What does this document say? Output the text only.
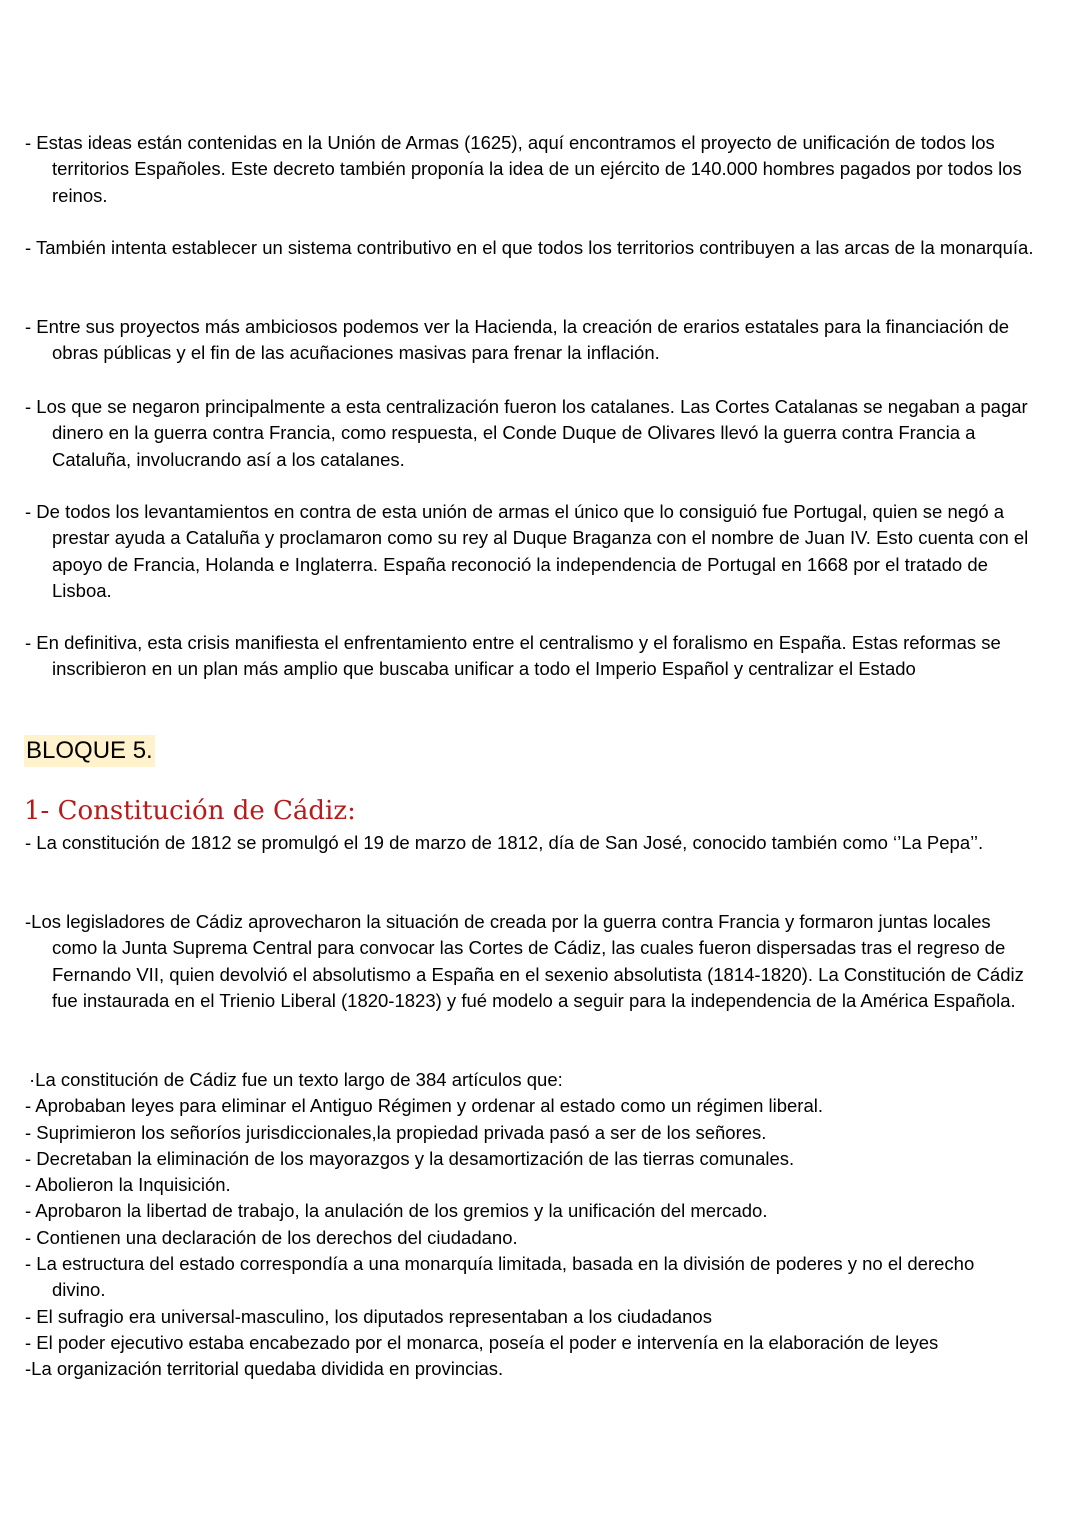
- Estas ideas están contenidas en la Unión de Armas (1625), aquí encontramos el proyecto de unificación de todos los territorios Españoles. Este decreto también proponía la idea de un ejército de 140.000 hombres pagados por todos los reinos.

- También intenta establecer un sistema contributivo en el que todos los territorios contribuyen a las arcas de la monarquía.

- Entre sus proyectos más ambiciosos podemos ver la Hacienda, la creación de erarios estatales para la financiación de obras públicas y el fin de las acuñaciones masivas para frenar la inflación.

- Los que se negaron principalmente a esta centralización fueron los catalanes. Las Cortes Catalanas se negaban a pagar dinero en la guerra contra Francia, como respuesta, el Conde Duque de Olivares llevó la guerra contra Francia a Cataluña, involucrando así a los catalanes.

- De todos los levantamientos en contra de esta unión de armas el único que lo consiguió fue Portugal, quien se negó a prestar ayuda a Cataluña y proclamaron como su rey al Duque Braganza con el nombre de Juan IV. Esto cuenta con el apoyo de Francia, Holanda e Inglaterra. España reconoció la independencia de Portugal en 1668 por el tratado de Lisboa.

- En definitiva, esta crisis manifiesta el enfrentamiento entre el centralismo y el foralismo en España. Estas reformas se inscribieron en un plan más amplio que buscaba unificar a todo el Imperio Español y centralizar el Estado

BLOQUE 5.
1- Constitución de Cádiz:

- La constitución de 1812 se promulgó el 19 de marzo de 1812, día de San José, conocido también como ‘’La Pepa’’.

-Los legisladores de Cádiz aprovecharon la situación de creada por la guerra contra Francia y formaron juntas locales como la Junta Suprema Central para convocar las Cortes de Cádiz, las cuales fueron dispersadas tras el regreso de Fernando VII, quien devolvió el absolutismo a España en el sexenio absolutista (1814-1820). La Constitución de Cádiz fue instaurada en el Trienio Liberal (1820-1823) y fué modelo a seguir para la independencia de la América Española.

·La constitución de Cádiz fue un texto largo de 384 artículos que:
- Aprobaban leyes para eliminar el Antiguo Régimen y ordenar al estado como un régimen liberal.
- Suprimieron los señoríos jurisdiccionales,la propiedad privada pasó a ser de los señores.
- Decretaban la eliminación de los mayorazgos y la desamortización de las tierras comunales.
- Abolieron la Inquisición.
- Aprobaron la libertad de trabajo, la anulación de los gremios y la unificación del mercado.
- Contienen una declaración de los derechos del ciudadano.
- La estructura del estado correspondía a una monarquía limitada, basada en la división de poderes y no el derecho divino.
- El sufragio era universal-masculino, los diputados representaban a los ciudadanos
- El poder ejecutivo estaba encabezado por el monarca, poseía el poder e intervenía en la elaboración de leyes
-La organización territorial quedaba dividida en provincias.
